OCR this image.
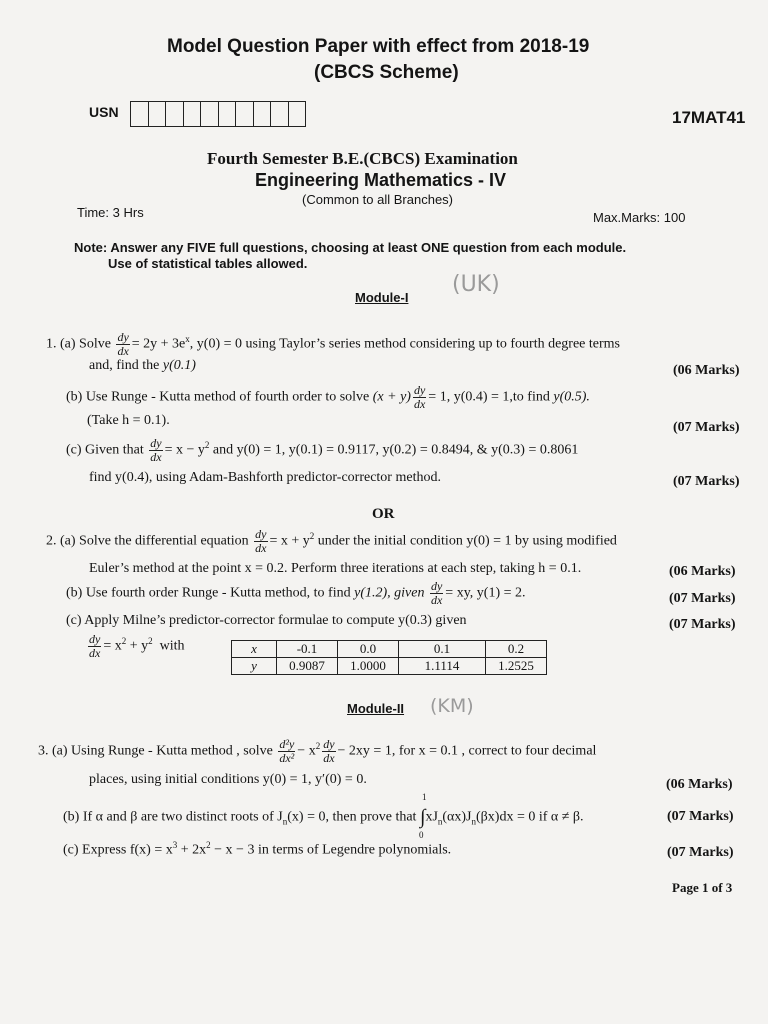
Model Question Paper with effect from 2018-19
(CBCS Scheme)
USN	17MAT41
Fourth Semester B.E.(CBCS) Examination
Engineering Mathematics - IV
(Common to all Branches)
Time: 3 Hrs	Max.Marks: 100
Note: Answer any FIVE full questions, choosing at least ONE question from each module.
Use of statistical tables allowed.
Module-I
(UK)
1. (a) Solve $\frac{dy}{dx} = 2y + 3e^x$, y(0) = 0 using Taylor’s series method considering up to fourth degree terms
and, find the y(0.1)	(06 Marks)
(b) Use Runge - Kutta method of fourth order to solve $(x + y) \frac{dy}{dx} = 1$, y(0.4) = 1,to find y(0.5).
(Take h = 0.1).	(07 Marks)
(c) Given that $\frac{dy}{dx} = x - y^2$ and y(0) = 1, y(0.1) = 0.9117, y(0.2) = 0.8494, & y(0.3) = 0.8061
find y(0.4), using Adam-Bashforth predictor-corrector method.	(07 Marks)
OR
2. (a) Solve the differential equation $\frac{dy}{dx} = x + y^2$ under the initial condition y(0) = 1 by using modified
Euler’s method at the point x = 0.2. Perform three iterations at each step, taking h = 0.1.	(06 Marks)
(b) Use fourth order Runge - Kutta method, to find y(1.2), given $\frac{dy}{dx}$ = xy, y(1) = 2.	(07 Marks)
(c) Apply Milne’s predictor-corrector formulae to compute y(0.3) given	(07 Marks)
$\frac{dy}{dx} = x^2 + y^2$ with	x	-0.1	0.0	0.1	0.2
y	0.9087	1.0000	1.1114	1.2525
Module-II (KM)
3. (a) Using Runge - Kutta method , solve $\frac{\text{d²y}}{\text{dx²}} - x^2 \frac{dy}{dx} - 2xy = 1$, for x = 0.1 , correct to four decimal
places, using initial conditions y(0) = 1, y′(0) = 0.	(06 Marks)
(b) If α and β are two distinct roots of $J_n(x) = 0$, then prove that ∫
1
0
$xJ_n(\alpha x)J_n(\beta x)dx = 0$ if α ≠ β.	(07 Marks)
(c) Express $f(x) = x^3 + 2x^2 - x - 3$ in terms of Legendre polynomials.	(07 Marks)
Page 1 of 3
